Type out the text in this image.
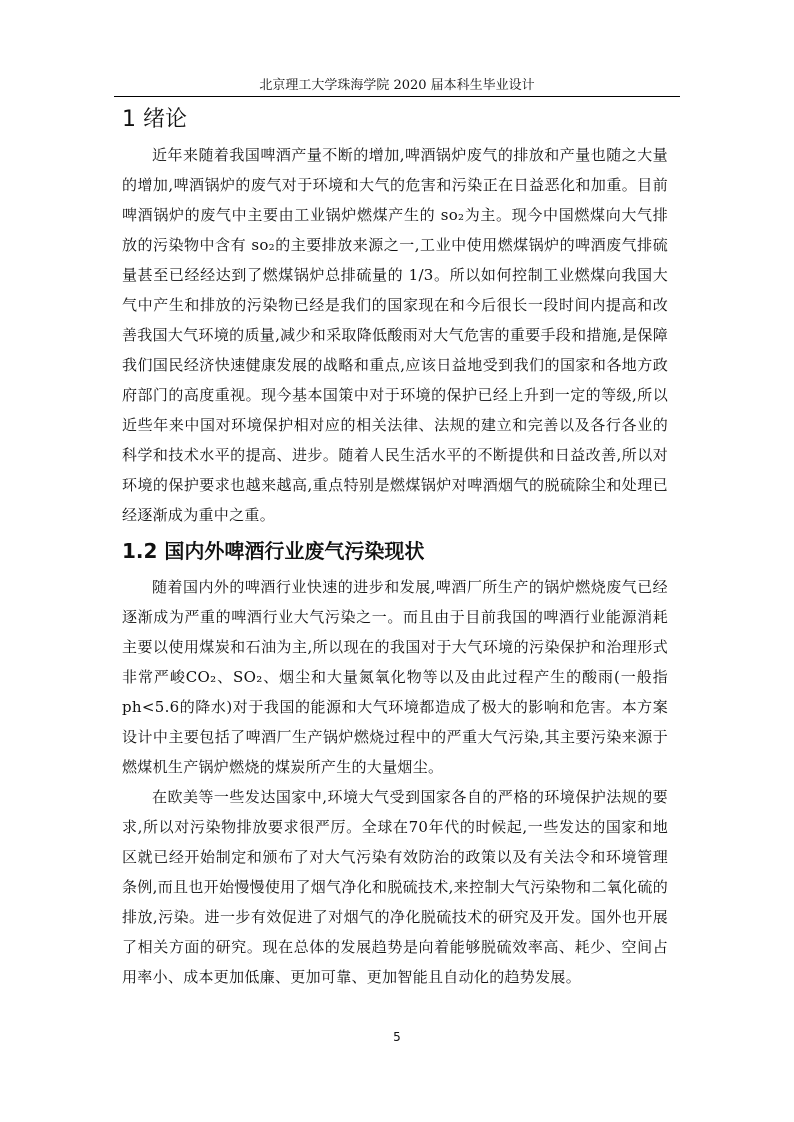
北京理工大学珠海学院 2020 届本科生毕业设计
1 绪论

近年来随着我国啤酒产量不断的增加,啤酒锅炉废气的排放和产量也随之大量的增加,啤酒锅炉的废气对于环境和大气的危害和污染正在日益恶化和加重。目前啤酒锅炉的废气中主要由工业锅炉燃煤产生的 so₂为主。现今中国燃煤向大气排放的污染物中含有 so₂的主要排放来源之一,工业中使用燃煤锅炉的啤酒废气排硫量甚至已经经达到了燃煤锅炉总排硫量的 1/3。所以如何控制工业燃煤向我国大气中产生和排放的污染物已经是我们的国家现在和今后很长一段时间内提高和改善我国大气环境的质量,减少和采取降低酸雨对大气危害的重要手段和措施,是保障我们国民经济快速健康发展的战略和重点,应该日益地受到我们的国家和各地方政府部门的高度重视。现今基本国策中对于环境的保护已经上升到一定的等级,所以近些年来中国对环境保护相对应的相关法律、法规的建立和完善以及各行各业的科学和技术水平的提高、进步。随着人民生活水平的不断提供和日益改善,所以对环境的保护要求也越来越高,重点特别是燃煤锅炉对啤酒烟气的脱硫除尘和处理已经逐渐成为重中之重。

1.2 国内外啤酒行业废气污染现状

随着国内外的啤酒行业快速的进步和发展,啤酒厂所生产的锅炉燃烧废气已经逐渐成为严重的啤酒行业大气污染之一。而且由于目前我国的啤酒行业能源消耗主要以使用煤炭和石油为主,所以现在的我国对于大气环境的污染保护和治理形式非常严峻CO₂、SO₂、烟尘和大量氮氧化物等以及由此过程产生的酸雨(一般指ph<5.6的降水)对于我国的能源和大气环境都造成了极大的影响和危害。本方案设计中主要包括了啤酒厂生产锅炉燃烧过程中的严重大气污染,其主要污染来源于燃煤机生产锅炉燃烧的煤炭所产生的大量烟尘。

在欧美等一些发达国家中,环境大气受到国家各自的严格的环境保护法规的要求,所以对污染物排放要求很严厉。全球在70年代的时候起,一些发达的国家和地区就已经开始制定和颁布了对大气污染有效防治的政策以及有关法令和环境管理条例,而且也开始慢慢使用了烟气净化和脱硫技术,来控制大气污染物和二氧化硫的排放,污染。进一步有效促进了对烟气的净化脱硫技术的研究及开发。国外也开展了相关方面的研究。现在总体的发展趋势是向着能够脱硫效率高、耗少、空间占用率小、成本更加低廉、更加可靠、更加智能且自动化的趋势发展。

5
